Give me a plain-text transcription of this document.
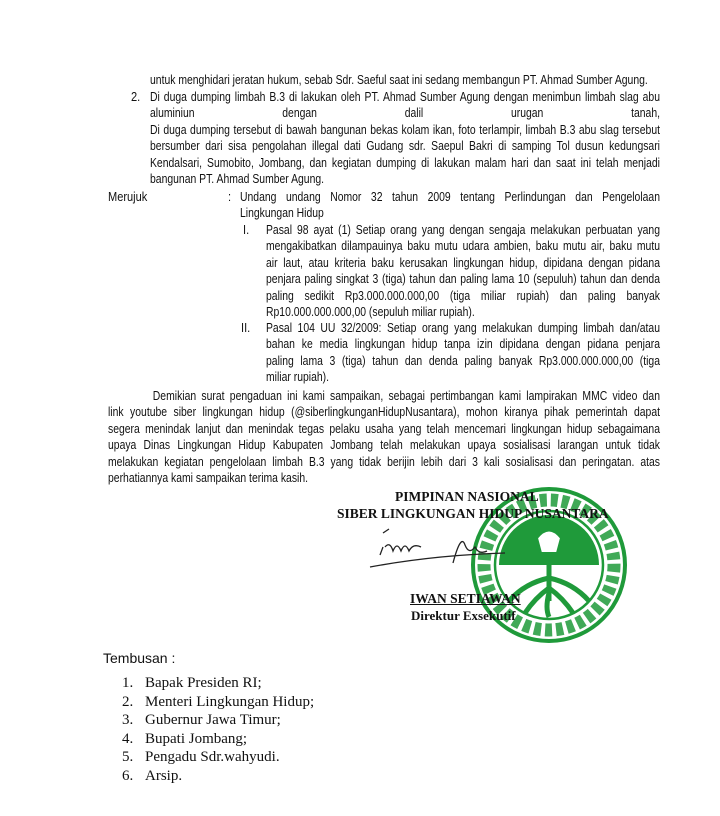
untuk menghidari jeratan hukum, sebab Sdr. Saeful saat ini sedang membangun PT. Ahmad Sumber Agung.
2. Di duga dumping limbah B.3 di lakukan oleh PT. Ahmad Sumber Agung dengan menimbun limbah slag abu
aluminiun dengan dalil urugan tanah,
Di duga dumping tersebut di bawah bangunan bekas kolam ikan, foto terlampir, limbah B.3 abu slag tersebut
bersumber dari sisa pengolahan illegal dati Gudang sdr. Saepul Bakri di samping Tol dusun kedungsari
Kendalsari, Sumobito, Jombang, dan kegiatan dumping di lakukan malam hari dan saat ini telah menjadi
bangunan PT. Ahmad Sumber Agung.
Merujuk	: Undang undang Nomor 32 tahun 2009 tentang Perlindungan dan Pengelolaan
Lingkungan Hidup
I. Pasal 98 ayat (1) Setiap orang yang dengan sengaja melakukan perbuatan yang
mengakibatkan dilampauinya baku mutu udara ambien, baku mutu air, baku mutu
air laut, atau kriteria baku kerusakan lingkungan hidup, dipidana dengan pidana
penjara paling singkat 3 (tiga) tahun dan paling lama 10 (sepuluh) tahun dan denda
paling sedikit Rp3.000.000.000,00 (tiga miliar rupiah) dan paling banyak
Rp10.000.000.000,00 (sepuluh miliar rupiah).
II. Pasal 104 UU 32/2009: Setiap orang yang melakukan dumping limbah dan/atau
bahan ke media lingkungan hidup tanpa izin dipidana dengan pidana penjara
paling lama 3 (tiga) tahun dan denda paling banyak Rp3.000.000.000,00 (tiga
miliar rupiah).
Demikian surat pengaduan ini kami sampaikan, sebagai pertimbangan kami lampirakan MMC video dan
link youtube siber lingkungan hidup (@siberlingkunganHidupNusantara), mohon kiranya pihak pemerintah dapat
segera menindak lanjut dan menindak tegas pelaku usaha yang telah mencemari lingkungan hidup sebagaimana
upaya Dinas Lingkungan Hidup Kabupaten Jombang telah melakukan upaya sosialisasi larangan untuk tidak
melakukan kegiatan pengelolaan limbah B.3 yang tidak berijin lebih dari 3 kali sosialisasi dan peringatan. atas
perhatiannya kami sampaikan terima kasih.
PIMPINAN NASIONAL
SIBER LINGKUNGAN HIDUP NUSANTARA
IWAN SETIAWAN
Direktur Exsekutif
Tembusan :
1. Bapak Presiden RI;
2. Menteri Lingkungan Hidup;
3. Gubernur Jawa Timur;
4. Bupati Jombang;
5. Pengadu Sdr.wahyudi.
6. Arsip.
